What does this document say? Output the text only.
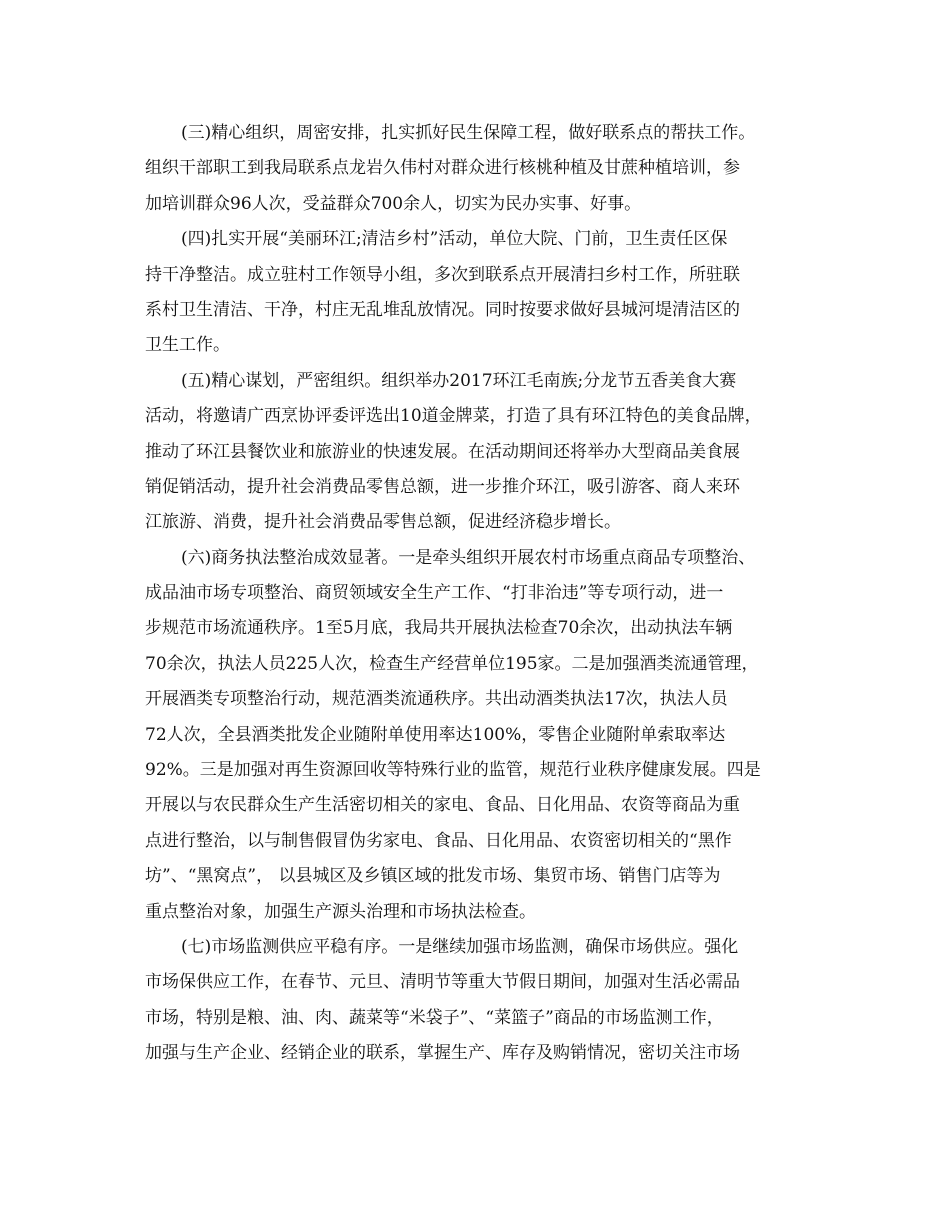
(三)精心组织，周密安排，扎实抓好民生保障工程，做好联系点的帮扶工作。
组织干部职工到我局联系点龙岩久伟村对群众进行核桃种植及甘蔗种植培训，参
加培训群众96人次，受益群众700余人，切实为民办实事、好事。
(四)扎实开展“美丽环江;清洁乡村”活动，单位大院、门前，卫生责任区保
持干净整洁。成立驻村工作领导小组，多次到联系点开展清扫乡村工作，所驻联
系村卫生清洁、干净，村庄无乱堆乱放情况。同时按要求做好县城河堤清洁区的
卫生工作。
(五)精心谋划，严密组织。组织举办2017环江毛南族;分龙节五香美食大赛
活动，将邀请广西烹协评委评选出10道金牌菜，打造了具有环江特色的美食品牌，
推动了环江县餐饮业和旅游业的快速发展。在活动期间还将举办大型商品美食展
销促销活动，提升社会消费品零售总额，进一步推介环江，吸引游客、商人来环
江旅游、消费，提升社会消费品零售总额，促进经济稳步增长。
(六)商务执法整治成效显著。一是牵头组织开展农村市场重点商品专项整治、
成品油市场专项整治、商贸领域安全生产工作、“打非治违”等专项行动，进一
步规范市场流通秩序。1至5月底，我局共开展执法检查70余次，出动执法车辆
70余次，执法人员225人次，检查生产经营单位195家。二是加强酒类流通管理，
开展酒类专项整治行动，规范酒类流通秩序。共出动酒类执法17次，执法人员
72人次，全县酒类批发企业随附单使用率达100%，零售企业随附单索取率达
92%。三是加强对再生资源回收等特殊行业的监管，规范行业秩序健康发展。四是
开展以与农民群众生产生活密切相关的家电、食品、日化用品、农资等商品为重
点进行整治，以与制售假冒伪劣家电、食品、日化用品、农资密切相关的“黑作
坊”、“黑窝点”， 以县城区及乡镇区域的批发市场、集贸市场、销售门店等为
重点整治对象，加强生产源头治理和市场执法检查。
(七)市场监测供应平稳有序。一是继续加强市场监测，确保市场供应。强化
市场保供应工作，在春节、元旦、清明节等重大节假日期间，加强对生活必需品
市场，特别是粮、油、肉、蔬菜等“米袋子”、“菜篮子”商品的市场监测工作，
加强与生产企业、经销企业的联系，掌握生产、库存及购销情况，密切关注市场
